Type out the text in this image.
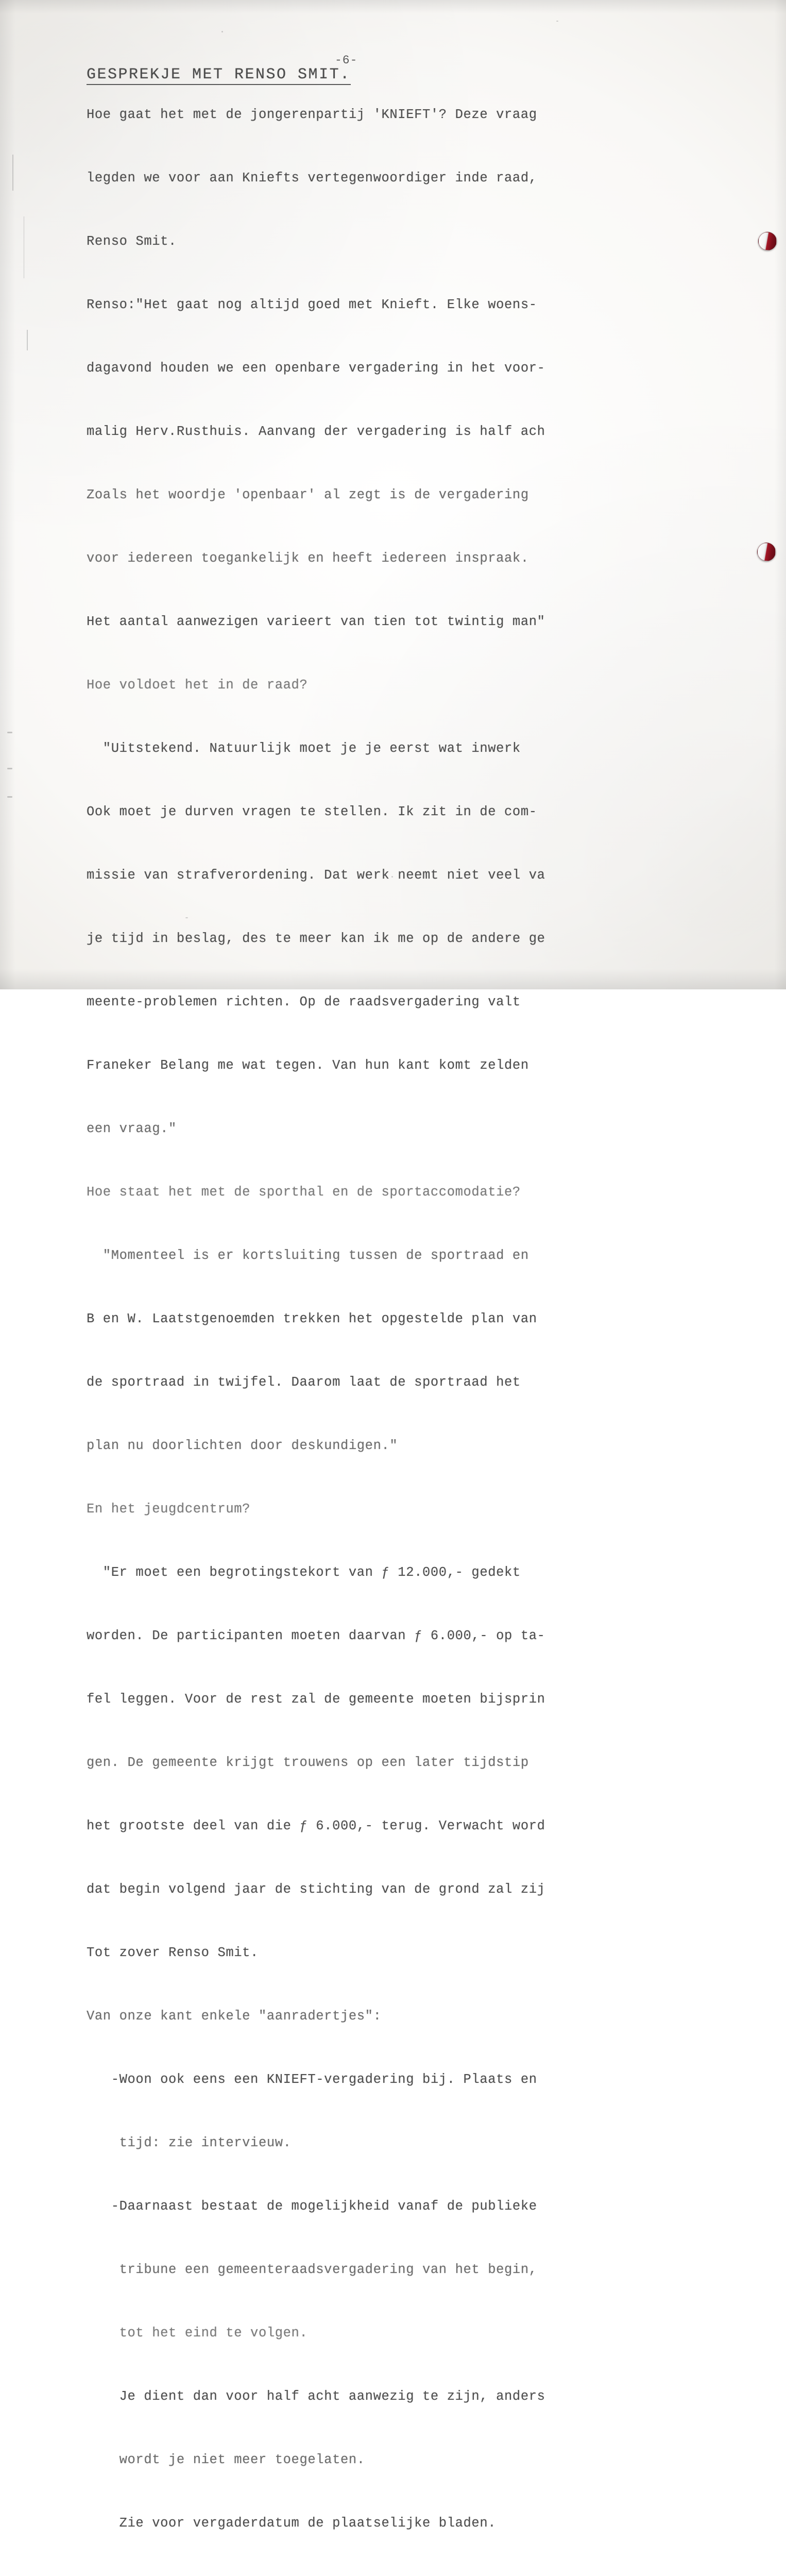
-6-
GESPREKJE MET RENSO SMIT.

Hoe gaat het met de jongerenpartij 'KNIEFT'? Deze vraag

legden we voor aan Kniefts vertegenwoordiger inde raad,

Renso Smit.

Renso:"Het gaat nog altijd goed met Knieft. Elke woens-

dagavond houden we een openbare vergadering in het voor-

malig Herv.Rusthuis. Aanvang der vergadering is half ach

Zoals het woordje 'openbaar' al zegt is de vergadering

voor iedereen toegankelijk en heeft iedereen inspraak.

Het aantal aanwezigen varieert van tien tot twintig man"

Hoe voldoet het in de raad?

"Uitstekend. Natuurlijk moet je je eerst wat inwerk

Ook moet je durven vragen te stellen. Ik zit in de com-

missie van strafverordening. Dat werk neemt niet veel va

je tijd in beslag, des te meer kan ik me op de andere ge

meente-problemen richten. Op de raadsvergadering valt

Franeker Belang me wat tegen. Van hun kant komt zelden

een vraag."

Hoe staat het met de sporthal en de sportaccomodatie?

"Momenteel is er kortsluiting tussen de sportraad en

B en W. Laatstgenoemden trekken het opgestelde plan van

de sportraad in twijfel. Daarom laat de sportraad het

plan nu doorlichten door deskundigen."

En het jeugdcentrum?

"Er moet een begrotingstekort van ƒ 12.000,- gedekt

worden. De participanten moeten daarvan ƒ 6.000,- op ta-

fel leggen. Voor de rest zal de gemeente moeten bijsprin

gen. De gemeente krijgt trouwens op een later tijdstip

het grootste deel van die ƒ 6.000,- terug. Verwacht word

dat begin volgend jaar de stichting van de grond zal zij

Tot zover Renso Smit.

Van onze kant enkele "aanradertjes":

-Woon ook eens een KNIEFT-vergadering bij. Plaats en

tijd: zie intervieuw.

-Daarnaast bestaat de mogelijkheid vanaf de publieke

tribune een gemeenteraadsvergadering van het begin,

tot het eind te volgen.

Je dient dan voor half acht aanwezig te zijn, anders

wordt je niet meer toegelaten.

Zie voor vergaderdatum de plaatselijke bladen.
